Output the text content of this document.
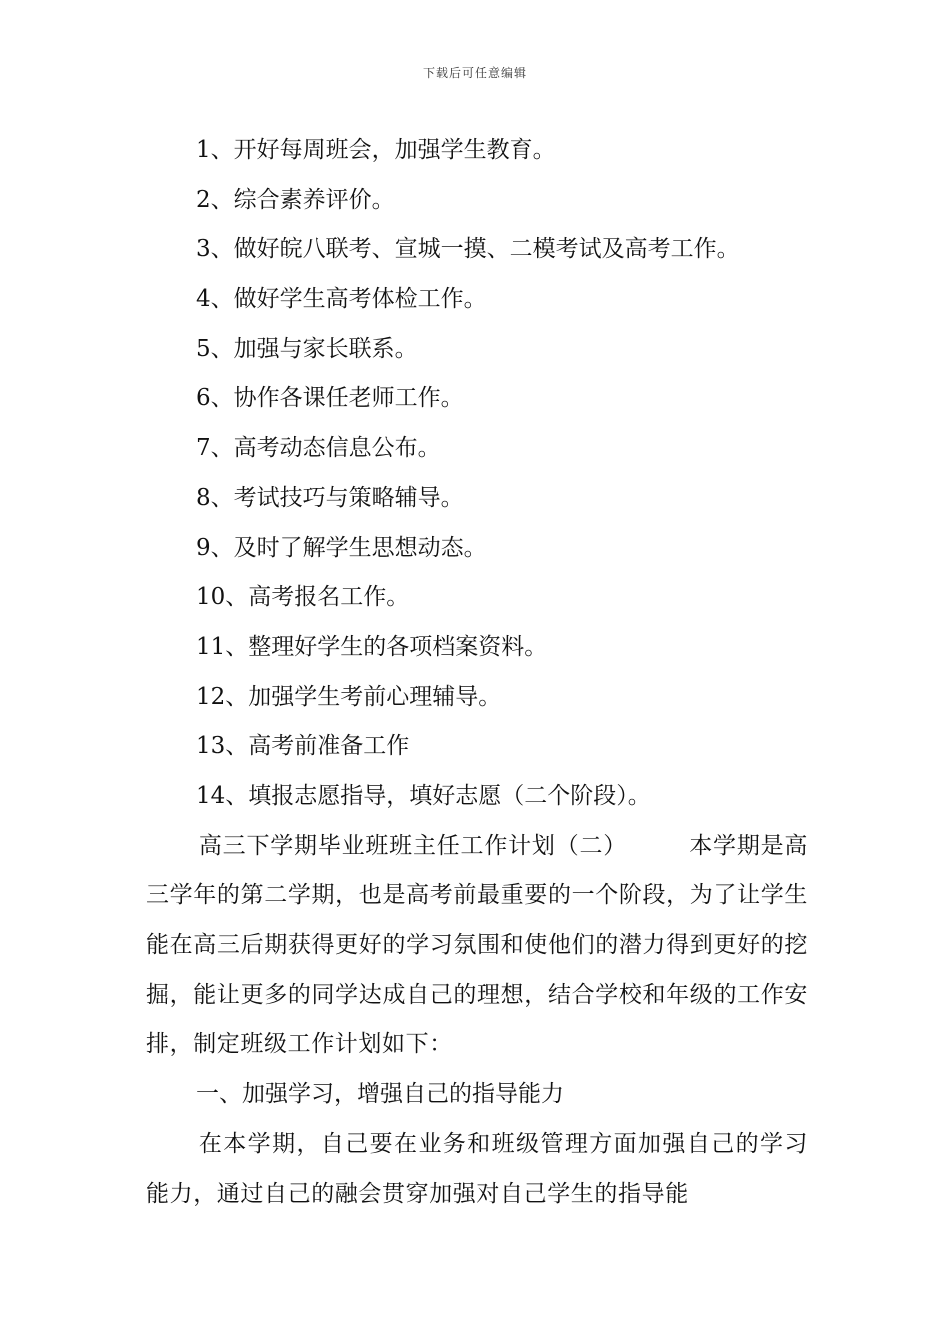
下载后可任意编辑
1、开好每周班会，加强学生教育。
2、综合素养评价。
3、做好皖八联考、宣城一摸、二模考试及高考工作。
4、做好学生高考体检工作。
5、加强与家长联系。
6、协作各课任老师工作。
7、高考动态信息公布。
8、考试技巧与策略辅导。
9、及时了解学生思想动态。
10、高考报名工作。
11、整理好学生的各项档案资料。
12、加强学生考前心理辅导。
13、高考前准备工作
14、填报志愿指导，填好志愿（二个阶段）。

高三下学期毕业班班主任工作计划（二）	本学期是高三学年的第二学期，也是高考前最重要的一个阶段，为了让学生能在高三后期获得更好的学习氛围和使他们的潜力得到更好的挖掘，能让更多的同学达成自己的理想，结合学校和年级的工作安排，制定班级工作计划如下：

一、加强学习，增强自己的指导能力

在本学期，自己要在业务和班级管理方面加强自己的学习能力，通过自己的融会贯穿加强对自己学生的指导能
